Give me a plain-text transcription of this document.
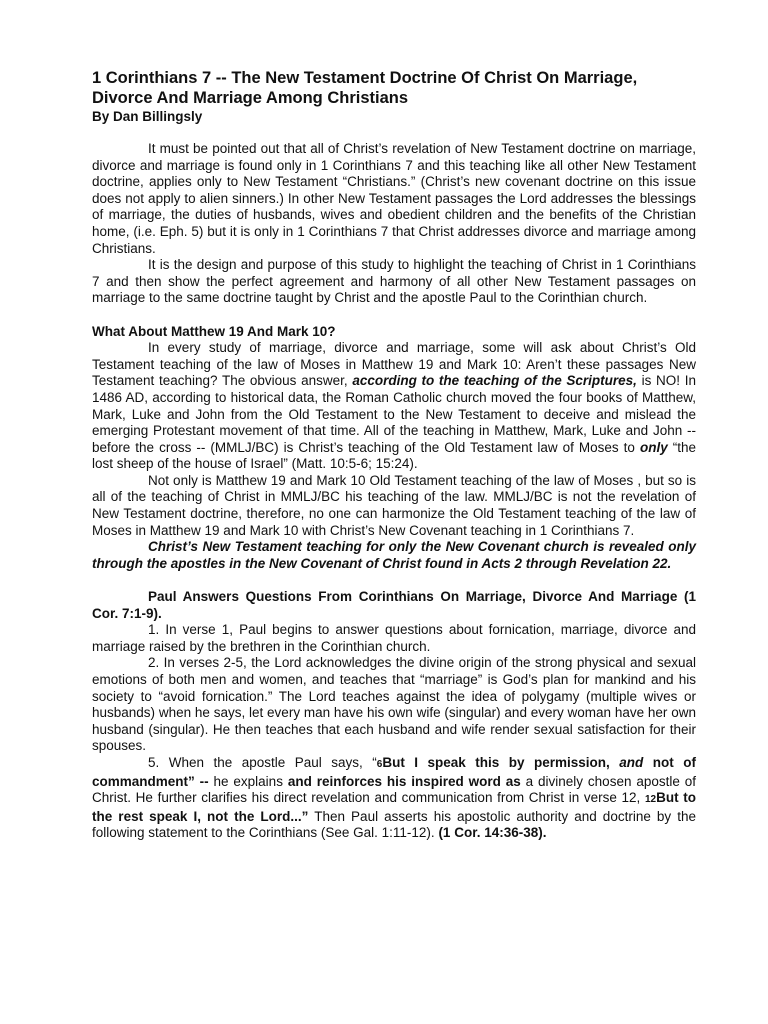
1 Corinthians 7 -- The New Testament Doctrine Of Christ On Marriage,
Divorce And Marriage Among Christians

By Dan Billingsly

It must be pointed out that all of Christ’s revelation of New Testament doctrine on marriage, divorce and marriage is found only in 1 Corinthians 7 and this teaching like all other New Testament doctrine, applies only to New Testament “Christians.” (Christ’s new covenant doctrine on this issue does not apply to alien sinners.) In other New Testament passages the Lord addresses the blessings of marriage, the duties of husbands, wives and obedient children and the benefits of the Christian home, (i.e. Eph. 5) but it is only in 1 Corinthians 7 that Christ addresses divorce and marriage among Christians.

It is the design and purpose of this study to highlight the teaching of Christ in 1 Corinthians 7 and then show the perfect agreement and harmony of all other New Testament passages on marriage to the same doctrine taught by Christ and the apostle Paul to the Corinthian church.

What About Matthew 19 And Mark 10?

In every study of marriage, divorce and marriage, some will ask about Christ’s Old Testament teaching of the law of Moses in Matthew 19 and Mark 10: Aren’t these passages New Testament teaching? The obvious answer, according to the teaching of the Scriptures, is NO! In 1486 AD, according to historical data, the Roman Catholic church moved the four books of Matthew, Mark, Luke and John from the Old Testament to the New Testament to deceive and mislead the emerging Protestant movement of that time. All of the teaching in Matthew, Mark, Luke and John -- before the cross -- (MMLJ/BC) is Christ’s teaching of the Old Testament law of Moses to only “the lost sheep of the house of Israel” (Matt. 10:5-6; 15:24).

Not only is Matthew 19 and Mark 10 Old Testament teaching of the law of Moses , but so is all of the teaching of Christ in MMLJ/BC his teaching of the law. MMLJ/BC is not the revelation of New Testament doctrine, therefore, no one can harmonize the Old Testament teaching of the law of Moses in Matthew 19 and Mark 10 with Christ’s New Covenant teaching in 1 Corinthians 7.

Christ’s New Testament teaching for only the New Covenant church is revealed only through the apostles in the New Covenant of Christ found in Acts 2 through Revelation 22.

Paul Answers Questions From Corinthians On Marriage, Divorce And Marriage (1 Cor. 7:1-9).

1. In verse 1, Paul begins to answer questions about fornication, marriage, divorce and marriage raised by the brethren in the Corinthian church.

2. In verses 2-5, the Lord acknowledges the divine origin of the strong physical and sexual emotions of both men and women, and teaches that “marriage” is God’s plan for mankind and his society to “avoid fornication.” The Lord teaches against the idea of polygamy (multiple wives or husbands) when he says, let every man have his own wife (singular) and every woman have her own husband (singular). He then teaches that each husband and wife render sexual satisfaction for their spouses.

5. When the apostle Paul says, “6But I speak this by permission, and not of commandment” -- he explains and reinforces his inspired word as a divinely chosen apostle of Christ. He further clarifies his direct revelation and communication from Christ in verse 12, 12But to the rest speak I, not the Lord...” Then Paul asserts his apostolic authority and doctrine by the following statement to the Corinthians (See Gal. 1:11-12). (1 Cor. 14:36-38).
